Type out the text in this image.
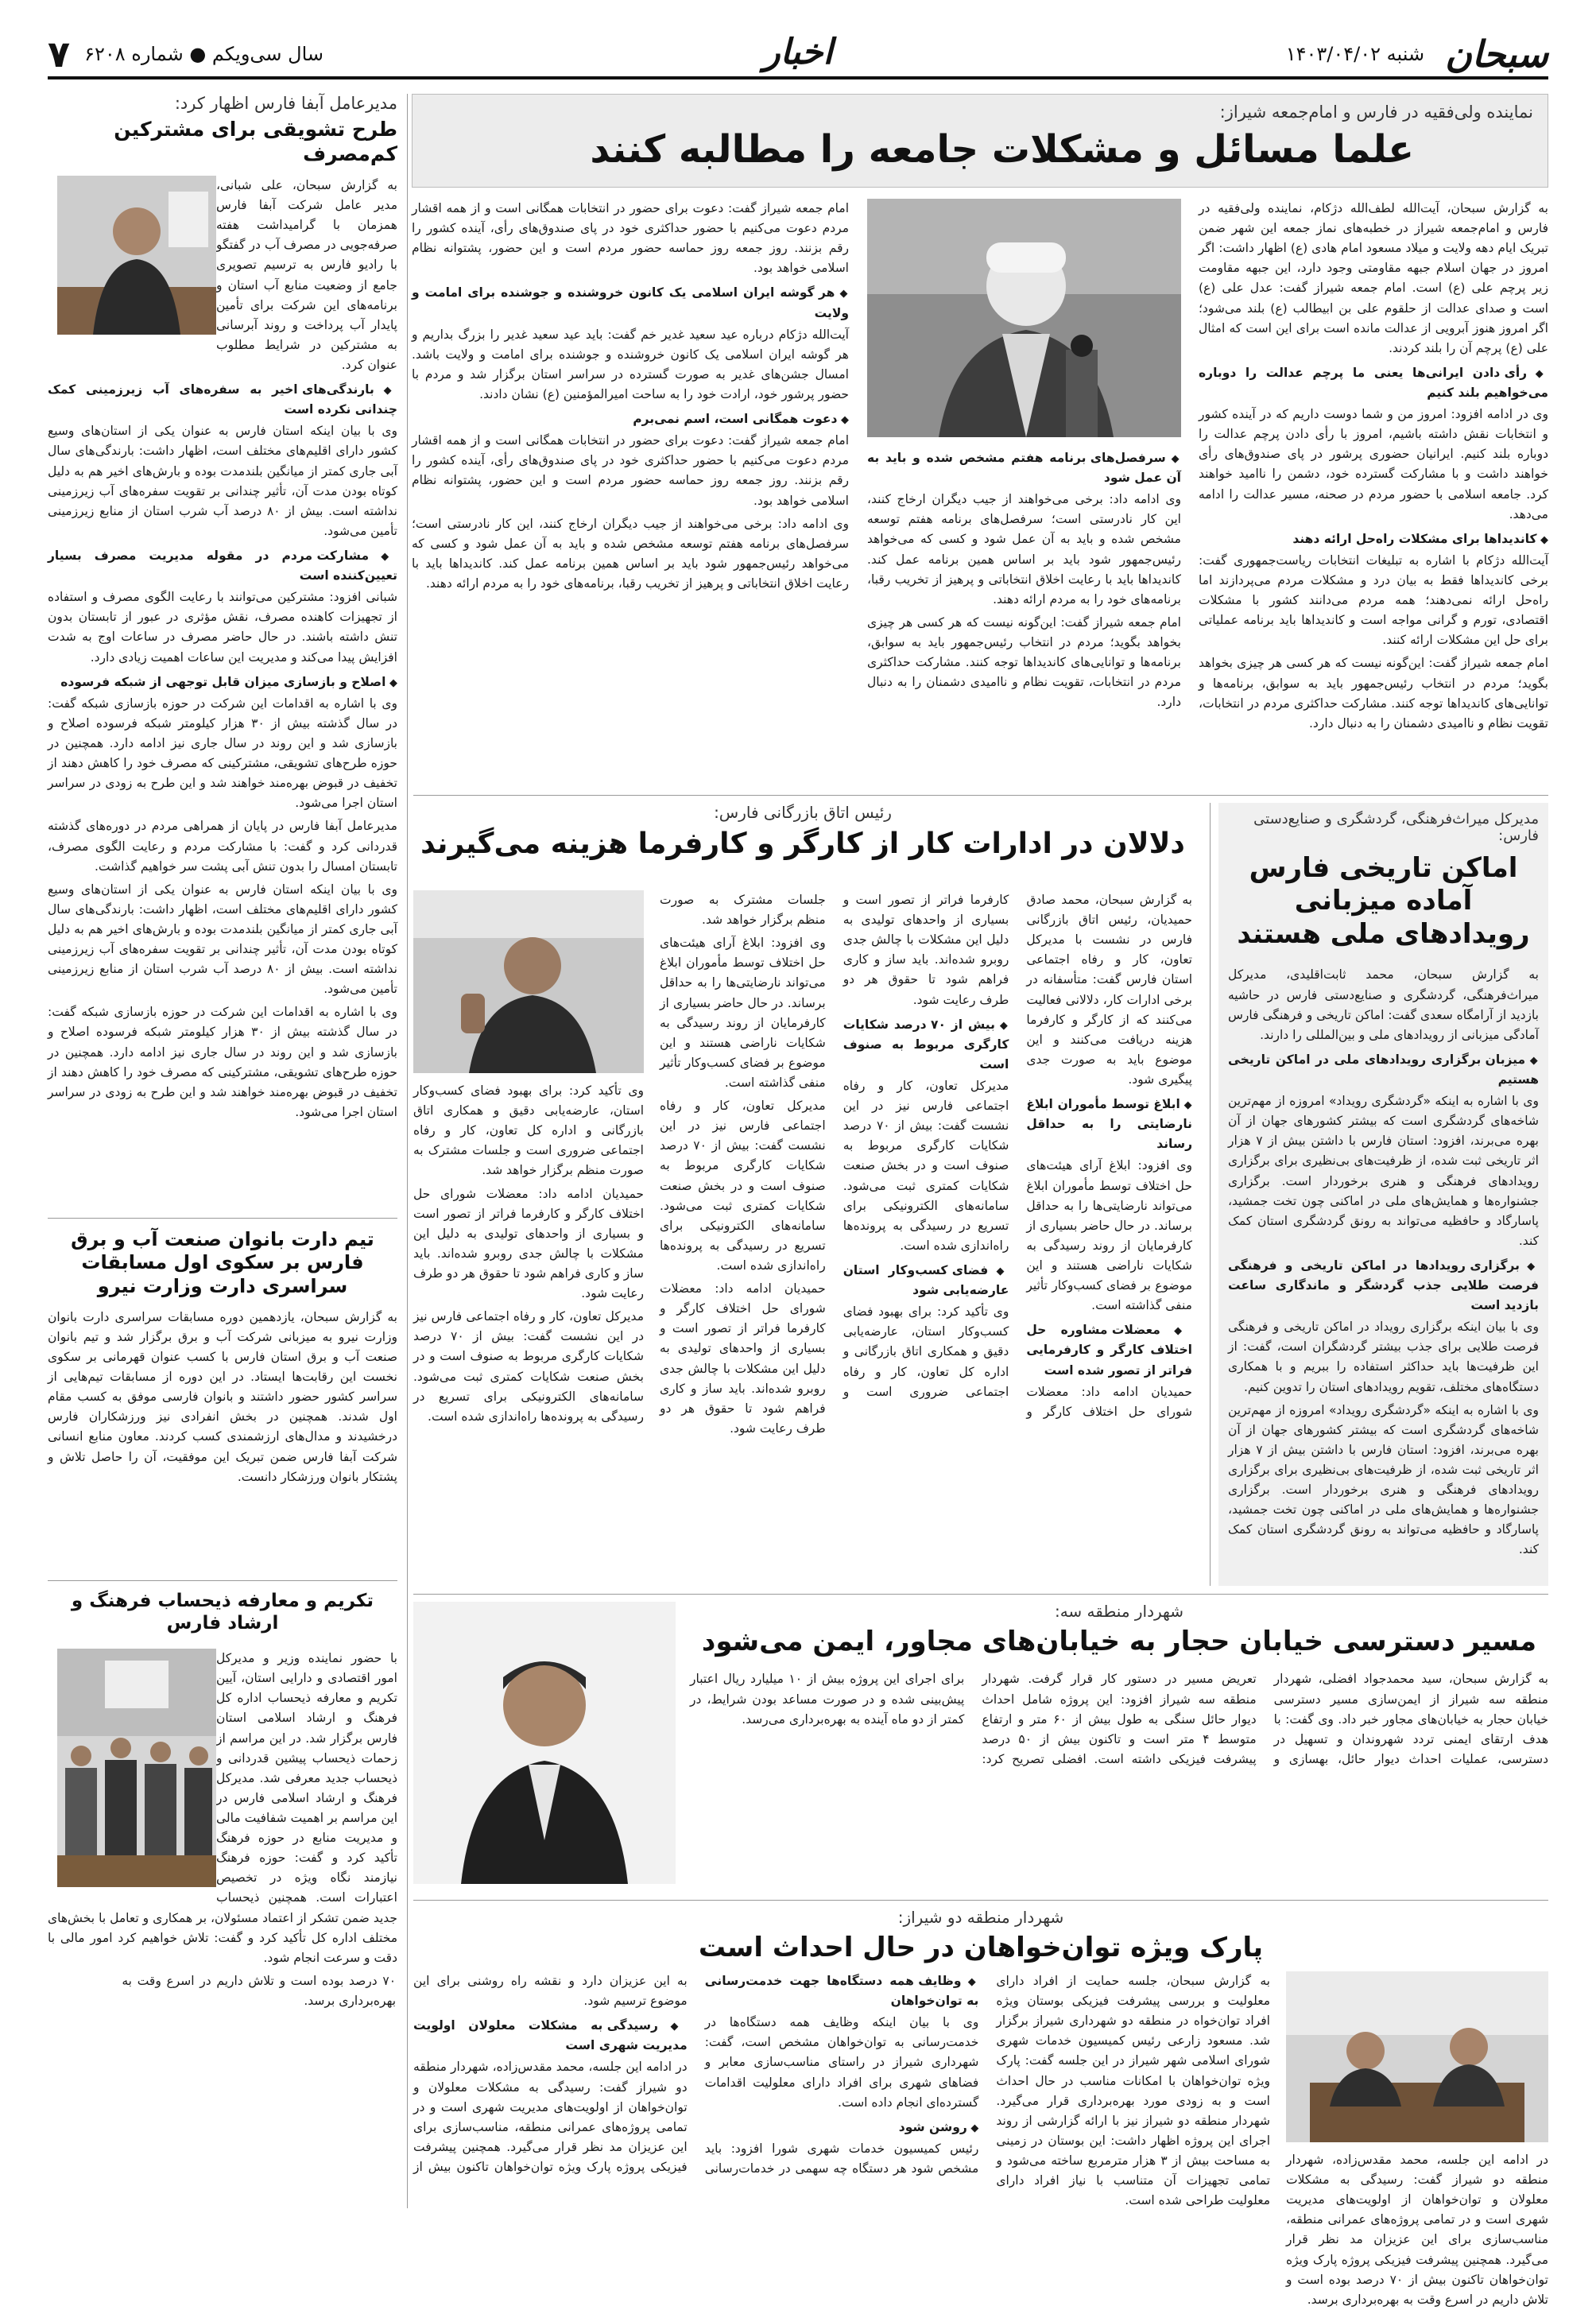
سبحان
شنبه ۱۴۰۳/۰۴/۰۲
سال سی‌ویکم ● شماره ۶۲۰۸
۷	اخبار
نماینده ولی‌فقیه در فارس و امام‌جمعه شیراز:
علما مسائل و مشکلات جامعه را مطالبه کنند

به گزارش سبحان، آیت‌الله لطف‌الله دژکام، نماینده ولی‌فقیه در فارس و امام‌جمعه شیراز در خطبه‌های نماز جمعه این شهر ضمن تبریک ایام دهه ولایت و میلاد مسعود امام هادی (ع) اظهار داشت: اگر امروز در جهان اسلام جبهه مقاومتی وجود دارد، این جبهه مقاومت زیر پرچم علی (ع) است. امام جمعه شیراز گفت: عدل علی (ع) است و صدای عدالت از حلقوم علی بن ابیطالب (ع) بلند می‌شود؛ اگر امروز هنوز آبرویی از عدالت مانده است برای این است که امثال علی (ع) پرچم آن را بلند کردند.

◆ رأی دادن ایرانی‌ها یعنی ما پرچم عدالت را دوباره می‌خواهیم بلند کنیم

وی در ادامه افزود: امروز من و شما دوست داریم که در آینده کشور و انتخابات نقش داشته باشیم، امروز با رأی دادن پرچم عدالت را دوباره بلند کنیم. ایرانیان حضوری پرشور در پای صندوق‌های رأی خواهند داشت و با مشارکت گسترده خود، دشمن را ناامید خواهند کرد. جامعه اسلامی با حضور مردم در صحنه، مسیر عدالت را ادامه می‌دهد.

◆ کاندیداها برای مشکلات راه‌حل ارائه دهند

آیت‌الله دژکام با اشاره به تبلیغات انتخابات ریاست‌جمهوری گفت: برخی کاندیداها فقط به بیان درد و مشکلات مردم می‌پردازند اما راه‌حل ارائه نمی‌دهند؛ همه مردم می‌دانند کشور با مشکلات اقتصادی، تورم و گرانی مواجه است و کاندیداها باید برنامه عملیاتی برای حل این مشکلات ارائه کنند.

امام جمعه شیراز گفت: این‌گونه نیست که هر کسی هر چیزی بخواهد بگوید؛ مردم در انتخاب رئیس‌جمهور باید به سوابق، برنامه‌ها و توانایی‌های کاندیداها توجه کنند. مشارکت حداکثری مردم در انتخابات، تقویت نظام و ناامیدی دشمنان را به دنبال دارد.

◆ سرفصل‌های برنامه هفتم مشخص شده و باید به آن عمل شود

وی ادامه داد: برخی می‌خواهند از جیب دیگران ارخاج کنند، این کار نادرستی است؛ سرفصل‌های برنامه هفتم توسعه مشخص شده و باید به آن عمل شود و کسی که می‌خواهد رئیس‌جمهور شود باید بر اساس همین برنامه عمل کند. کاندیداها باید با رعایت اخلاق انتخاباتی و پرهیز از تخریب رقبا، برنامه‌های خود را به مردم ارائه دهند.

امام جمعه شیراز گفت: این‌گونه نیست که هر کسی هر چیزی بخواهد بگوید؛ مردم در انتخاب رئیس‌جمهور باید به سوابق، برنامه‌ها و توانایی‌های کاندیداها توجه کنند. مشارکت حداکثری مردم در انتخابات، تقویت نظام و ناامیدی دشمنان را به دنبال دارد.

امام جمعه شیراز گفت: دعوت برای حضور در انتخابات همگانی است و از همه اقشار مردم دعوت می‌کنیم با حضور حداکثری خود در پای صندوق‌های رأی، آینده کشور را رقم بزنند. روز جمعه روز حماسه حضور مردم است و این حضور، پشتوانه نظام اسلامی خواهد بود.

◆ هر گوشه ایران اسلامی یک کانون خروشنده و جوشنده برای امامت و ولایت

آیت‌الله دژکام درباره عید سعید غدیر خم گفت: باید عید سعید غدیر را بزرگ بداریم و هر گوشه ایران اسلامی یک کانون خروشنده و جوشنده برای امامت و ولایت باشد. امسال جشن‌های غدیر به صورت گسترده در سراسر استان برگزار شد و مردم با حضور پرشور خود، ارادت خود را به ساحت امیرالمؤمنین (ع) نشان دادند.

◆ دعوت همگانی است، اسم نمی‌برم

امام جمعه شیراز گفت: دعوت برای حضور در انتخابات همگانی است و از همه اقشار مردم دعوت می‌کنیم با حضور حداکثری خود در پای صندوق‌های رأی، آینده کشور را رقم بزنند. روز جمعه روز حماسه حضور مردم است و این حضور، پشتوانه نظام اسلامی خواهد بود.

وی ادامه داد: برخی می‌خواهند از جیب دیگران ارخاج کنند، این کار نادرستی است؛ سرفصل‌های برنامه هفتم توسعه مشخص شده و باید به آن عمل شود و کسی که می‌خواهد رئیس‌جمهور شود باید بر اساس همین برنامه عمل کند. کاندیداها باید با رعایت اخلاق انتخاباتی و پرهیز از تخریب رقبا، برنامه‌های خود را به مردم ارائه دهند.

مدیرعامل آبفا فارس اظهار کرد:
طرح تشویقی برای مشترکین کم‌مصرف

به گزارش سبحان، علی شبانی، مدیر عامل شرکت آبفا فارس همزمان با گرامیداشت هفته صرفه‌جویی در مصرف آب در گفتگو با رادیو فارس به ترسیم تصویری جامع از وضعیت منابع آب استان و برنامه‌های این شرکت برای تأمین پایدار آب پرداخت و روند آبرسانی به مشترکین در شرایط مطلوب عنوان کرد.

◆ بارندگی‌های اخیر به سفره‌های آب زیرزمینی کمک چندانی نکرده است

وی با بیان اینکه استان فارس به عنوان یکی از استان‌های وسیع کشور دارای اقلیم‌های مختلف است، اظهار داشت: بارندگی‌های سال آبی جاری کمتر از میانگین بلندمدت بوده و بارش‌های اخیر هم به دلیل کوتاه بودن مدت آن، تأثیر چندانی بر تقویت سفره‌های آب زیرزمینی نداشته است. بیش از ۸۰ درصد آب شرب استان از منابع زیرزمینی تأمین می‌شود.

◆ مشارکت مردم در مقوله مدیریت مصرف بسیار تعیین‌کننده است

شبانی افزود: مشترکین می‌توانند با رعایت الگوی مصرف و استفاده از تجهیزات کاهنده مصرف، نقش مؤثری در عبور از تابستان بدون تنش داشته باشند. در حال حاضر مصرف در ساعات اوج به شدت افزایش پیدا می‌کند و مدیریت این ساعات اهمیت زیادی دارد.

◆ اصلاح و بازسازی میزان قابل توجهی از شبکه فرسوده

وی با اشاره به اقدامات این شرکت در حوزه بازسازی شبکه گفت: در سال گذشته بیش از ۳۰ هزار کیلومتر شبکه فرسوده اصلاح و بازسازی شد و این روند در سال جاری نیز ادامه دارد. همچنین در حوزه طرح‌های تشویقی، مشترکینی که مصرف خود را کاهش دهند از تخفیف در قبوض بهره‌مند خواهند شد و این طرح به زودی در سراسر استان اجرا می‌شود.

مدیرعامل آبفا فارس در پایان از همراهی مردم در دوره‌های گذشته قدردانی کرد و گفت: با مشارکت مردم و رعایت الگوی مصرف، تابستان امسال را بدون تنش آبی پشت سر خواهیم گذاشت.

وی با بیان اینکه استان فارس به عنوان یکی از استان‌های وسیع کشور دارای اقلیم‌های مختلف است، اظهار داشت: بارندگی‌های سال آبی جاری کمتر از میانگین بلندمدت بوده و بارش‌های اخیر هم به دلیل کوتاه بودن مدت آن، تأثیر چندانی بر تقویت سفره‌های آب زیرزمینی نداشته است. بیش از ۸۰ درصد آب شرب استان از منابع زیرزمینی تأمین می‌شود.

وی با اشاره به اقدامات این شرکت در حوزه بازسازی شبکه گفت: در سال گذشته بیش از ۳۰ هزار کیلومتر شبکه فرسوده اصلاح و بازسازی شد و این روند در سال جاری نیز ادامه دارد. همچنین در حوزه طرح‌های تشویقی، مشترکینی که مصرف خود را کاهش دهند از تخفیف در قبوض بهره‌مند خواهند شد و این طرح به زودی در سراسر استان اجرا می‌شود.

تیم دارت بانوان صنعت آب و برق فارس بر سکوی اول مسابقات سراسری دارت وزارت نیرو
به گزارش سبحان، یازدهمین دوره مسابقات سراسری دارت بانوان وزارت نیرو به میزبانی شرکت آب و برق برگزار شد و تیم بانوان صنعت آب و برق استان فارس با کسب عنوان قهرمانی بر سکوی نخست این رقابت‌ها ایستاد. در این دوره از مسابقات تیم‌هایی از سراسر کشور حضور داشتند و بانوان فارسی موفق به کسب مقام اول شدند. همچنین در بخش انفرادی نیز ورزشکاران فارس درخشیدند و مدال‌های ارزشمندی کسب کردند. معاون منابع انسانی شرکت آبفا فارس ضمن تبریک این موفقیت، آن را حاصل تلاش و پشتکار بانوان ورزشکار دانست.
تکریم و معارفه ذیحساب فرهنگ و ارشاد فارس
با حضور نماینده وزیر و مدیرکل امور اقتصادی و دارایی استان، آیین تکریم و معارفه ذیحساب اداره کل فرهنگ و ارشاد اسلامی استان فارس برگزار شد. در این مراسم از زحمات ذیحساب پیشین قدردانی و ذیحساب جدید معرفی شد. مدیرکل فرهنگ و ارشاد اسلامی فارس در این مراسم بر اهمیت شفافیت مالی و مدیریت منابع در حوزه فرهنگ تأکید کرد و گفت: حوزه فرهنگ نیازمند نگاه ویژه در تخصیص اعتبارات است. همچنین ذیحساب جدید ضمن تشکر از اعتماد مسئولان، بر همکاری و تعامل با بخش‌های مختلف اداره کل تأکید کرد و گفت: تلاش خواهیم کرد امور مالی با دقت و سرعت انجام شود.
مدیرکل میراث‌فرهنگی، گردشگری و صنایع‌دستی فارس:
اماکن تاریخی فارس آماده میزبانی رویدادهای ملی هستند

به گزارش سبحان، محمد ثابت‌اقلیدی، مدیرکل میراث‌فرهنگی، گردشگری و صنایع‌دستی فارس در حاشیه بازدید از آرامگاه سعدی گفت: اماکن تاریخی و فرهنگی فارس آمادگی میزبانی از رویدادهای ملی و بین‌المللی را دارند.

◆ میزبان برگزاری رویدادهای ملی در اماکن تاریخی هستیم

وی با اشاره به اینکه «گردشگری رویداد» امروزه از مهم‌ترین شاخه‌های گردشگری است که بیشتر کشورهای جهان از آن بهره می‌برند، افزود: استان فارس با داشتن بیش از ۷ هزار اثر تاریخی ثبت شده، از ظرفیت‌های بی‌نظیری برای برگزاری رویدادهای فرهنگی و هنری برخوردار است. برگزاری جشنواره‌ها و همایش‌های ملی در اماکنی چون تخت جمشید، پاسارگاد و حافظیه می‌تواند به رونق گردشگری استان کمک کند.

◆ برگزاری رویدادها در اماکن تاریخی و فرهنگی فرصت طلایی جذب گردشگر و ماندگاری ساعت بازدید است

وی با بیان اینکه برگزاری رویداد در اماکن تاریخی و فرهنگی فرصت طلایی برای جذب بیشتر گردشگران است، گفت: از این ظرفیت‌ها باید حداکثر استفاده را ببریم و با همکاری دستگاه‌های مختلف، تقویم رویدادهای استان را تدوین کنیم.

وی با اشاره به اینکه «گردشگری رویداد» امروزه از مهم‌ترین شاخه‌های گردشگری است که بیشتر کشورهای جهان از آن بهره می‌برند، افزود: استان فارس با داشتن بیش از ۷ هزار اثر تاریخی ثبت شده، از ظرفیت‌های بی‌نظیری برای برگزاری رویدادهای فرهنگی و هنری برخوردار است. برگزاری جشنواره‌ها و همایش‌های ملی در اماکنی چون تخت جمشید، پاسارگاد و حافظیه می‌تواند به رونق گردشگری استان کمک کند.

رئیس اتاق بازرگانی فارس:
دلالان در ادارات کار از کارگر و کارفرما هزینه می‌گیرند

به گزارش سبحان، محمد صادق حمیدیان، رئیس اتاق بازرگانی فارس در نشست با مدیرکل تعاون، کار و رفاه اجتماعی استان فارس گفت: متأسفانه در برخی ادارات کار، دلالانی فعالیت می‌کنند که از کارگر و کارفرما هزینه دریافت می‌کنند و این موضوع باید به صورت جدی پیگیری شود.

◆ ابلاغ توسط مأموران ابلاغ نارضایتی را به حداقل رساند

وی افزود: ابلاغ آرای هیئت‌های حل اختلاف توسط مأموران ابلاغ می‌تواند نارضایتی‌ها را به حداقل برساند. در حال حاضر بسیاری از کارفرمایان از روند رسیدگی به شکایات ناراضی هستند و این موضوع بر فضای کسب‌وکار تأثیر منفی گذاشته است.

◆ معضلات مشاوره حل اختلاف کارگر و کارفرمایی فراتر از تصور شده است

حمیدیان ادامه داد: معضلات شورای حل اختلاف کارگر و کارفرما فراتر از تصور است و بسیاری از واحدهای تولیدی به دلیل این مشکلات با چالش جدی روبرو شده‌اند. باید ساز و کاری فراهم شود تا حقوق هر دو طرف رعایت شود.

◆ بیش از ۷۰ درصد شکایات کارگری مربوط به صنوف است

مدیرکل تعاون، کار و رفاه اجتماعی فارس نیز در این نشست گفت: بیش از ۷۰ درصد شکایات کارگری مربوط به صنوف است و در بخش صنعت شکایات کمتری ثبت می‌شود. سامانه‌های الکترونیکی برای تسریع در رسیدگی به پرونده‌ها راه‌اندازی شده است.

◆ فضای کسب‌وکار استان عارضه‌یابی شود

وی تأکید کرد: برای بهبود فضای کسب‌وکار استان، عارضه‌یابی دقیق و همکاری اتاق بازرگانی و اداره کل تعاون، کار و رفاه اجتماعی ضروری است و جلسات مشترک به صورت منظم برگزار خواهد شد.

وی افزود: ابلاغ آرای هیئت‌های حل اختلاف توسط مأموران ابلاغ می‌تواند نارضایتی‌ها را به حداقل برساند. در حال حاضر بسیاری از کارفرمایان از روند رسیدگی به شکایات ناراضی هستند و این موضوع بر فضای کسب‌وکار تأثیر منفی گذاشته است.

مدیرکل تعاون، کار و رفاه اجتماعی فارس نیز در این نشست گفت: بیش از ۷۰ درصد شکایات کارگری مربوط به صنوف است و در بخش صنعت شکایات کمتری ثبت می‌شود. سامانه‌های الکترونیکی برای تسریع در رسیدگی به پرونده‌ها راه‌اندازی شده است.

حمیدیان ادامه داد: معضلات شورای حل اختلاف کارگر و کارفرما فراتر از تصور است و بسیاری از واحدهای تولیدی به دلیل این مشکلات با چالش جدی روبرو شده‌اند. باید ساز و کاری فراهم شود تا حقوق هر دو طرف رعایت شود.

وی تأکید کرد: برای بهبود فضای کسب‌وکار استان، عارضه‌یابی دقیق و همکاری اتاق بازرگانی و اداره کل تعاون، کار و رفاه اجتماعی ضروری است و جلسات مشترک به صورت منظم برگزار خواهد شد.

حمیدیان ادامه داد: معضلات شورای حل اختلاف کارگر و کارفرما فراتر از تصور است و بسیاری از واحدهای تولیدی به دلیل این مشکلات با چالش جدی روبرو شده‌اند. باید ساز و کاری فراهم شود تا حقوق هر دو طرف رعایت شود.

مدیرکل تعاون، کار و رفاه اجتماعی فارس نیز در این نشست گفت: بیش از ۷۰ درصد شکایات کارگری مربوط به صنوف است و در بخش صنعت شکایات کمتری ثبت می‌شود. سامانه‌های الکترونیکی برای تسریع در رسیدگی به پرونده‌ها راه‌اندازی شده است.

شهردار منطقه سه:
مسیر دسترسی خیابان حجار به خیابان‌های مجاور، ایمن می‌شود
به گزارش سبحان، سید محمدجواد افضلی، شهردار منطقه سه شیراز از ایمن‌سازی مسیر دسترسی خیابان حجار به خیابان‌های مجاور خبر داد. وی گفت: با هدف ارتقای ایمنی تردد شهروندان و تسهیل در دسترسی، عملیات احداث دیوار حائل، بهسازی و تعریض مسیر در دستور کار قرار گرفت. شهردار منطقه سه شیراز افزود: این پروژه شامل احداث دیوار حائل سنگی به طول بیش از ۶۰ متر و ارتفاع متوسط ۴ متر است و تاکنون بیش از ۵۰ درصد پیشرفت فیزیکی داشته است. افضلی تصریح کرد: برای اجرای این پروژه بیش از ۱۰ میلیارد ریال اعتبار پیش‌بینی شده و در صورت مساعد بودن شرایط، در کمتر از دو ماه آینده به بهره‌برداری می‌رسد.
شهردار منطقه دو شیراز:
پارک ویژه توان‌خواهان در حال احداث است

به گزارش سبحان، جلسه حمایت از افراد دارای معلولیت و بررسی پیشرفت فیزیکی بوستان ویژه افراد توان‌خواه در منطقه دو شهرداری شیراز برگزار شد. مسعود زارعی رئیس کمیسیون خدمات شهری شورای اسلامی شهر شیراز در این جلسه گفت: پارک ویژه توان‌خواهان با امکانات مناسب در حال احداث است و به زودی مورد بهره‌برداری قرار می‌گیرد. شهردار منطقه دو شیراز نیز با ارائه گزارشی از روند اجرای این پروژه اظهار داشت: این بوستان در زمینی به مساحت بیش از ۳ هزار مترمربع ساخته می‌شود و تمامی تجهیزات آن متناسب با نیاز افراد دارای معلولیت طراحی شده است.

◆ وظایف همه دستگاه‌ها جهت خدمت‌رسانی به توان‌خواهان

وی با بیان اینکه وظایف همه دستگاه‌ها در خدمت‌رسانی به توان‌خواهان مشخص است، گفت: شهرداری شیراز در راستای مناسب‌سازی معابر و فضاهای شهری برای افراد دارای معلولیت اقدامات گسترده‌ای انجام داده است.

◆ روشن شود

رئیس کمیسیون خدمات شهری شورا افزود: باید مشخص شود هر دستگاه چه سهمی در خدمات‌رسانی به این عزیزان دارد و نقشه راه روشنی برای این موضوع ترسیم شود.

◆ رسیدگی به مشکلات معلولان اولویت مدیریت شهری است

در ادامه این جلسه، محمد مقدس‌زاده، شهردار منطقه دو شیراز گفت: رسیدگی به مشکلات معلولان و توان‌خواهان از اولویت‌های مدیریت شهری است و در تمامی پروژه‌های عمرانی منطقه، مناسب‌سازی برای این عزیزان مد نظر قرار می‌گیرد. همچنین پیشرفت فیزیکی پروژه پارک ویژه توان‌خواهان تاکنون بیش از ۷۰ درصد بوده است و تلاش داریم در اسرع وقت به بهره‌برداری برسد.

در ادامه این جلسه، محمد مقدس‌زاده، شهردار منطقه دو شیراز گفت: رسیدگی به مشکلات معلولان و توان‌خواهان از اولویت‌های مدیریت شهری است و در تمامی پروژه‌های عمرانی منطقه، مناسب‌سازی برای این عزیزان مد نظر قرار می‌گیرد. همچنین پیشرفت فیزیکی پروژه پارک ویژه توان‌خواهان تاکنون بیش از ۷۰ درصد بوده است و تلاش داریم در اسرع وقت به بهره‌برداری برسد.
